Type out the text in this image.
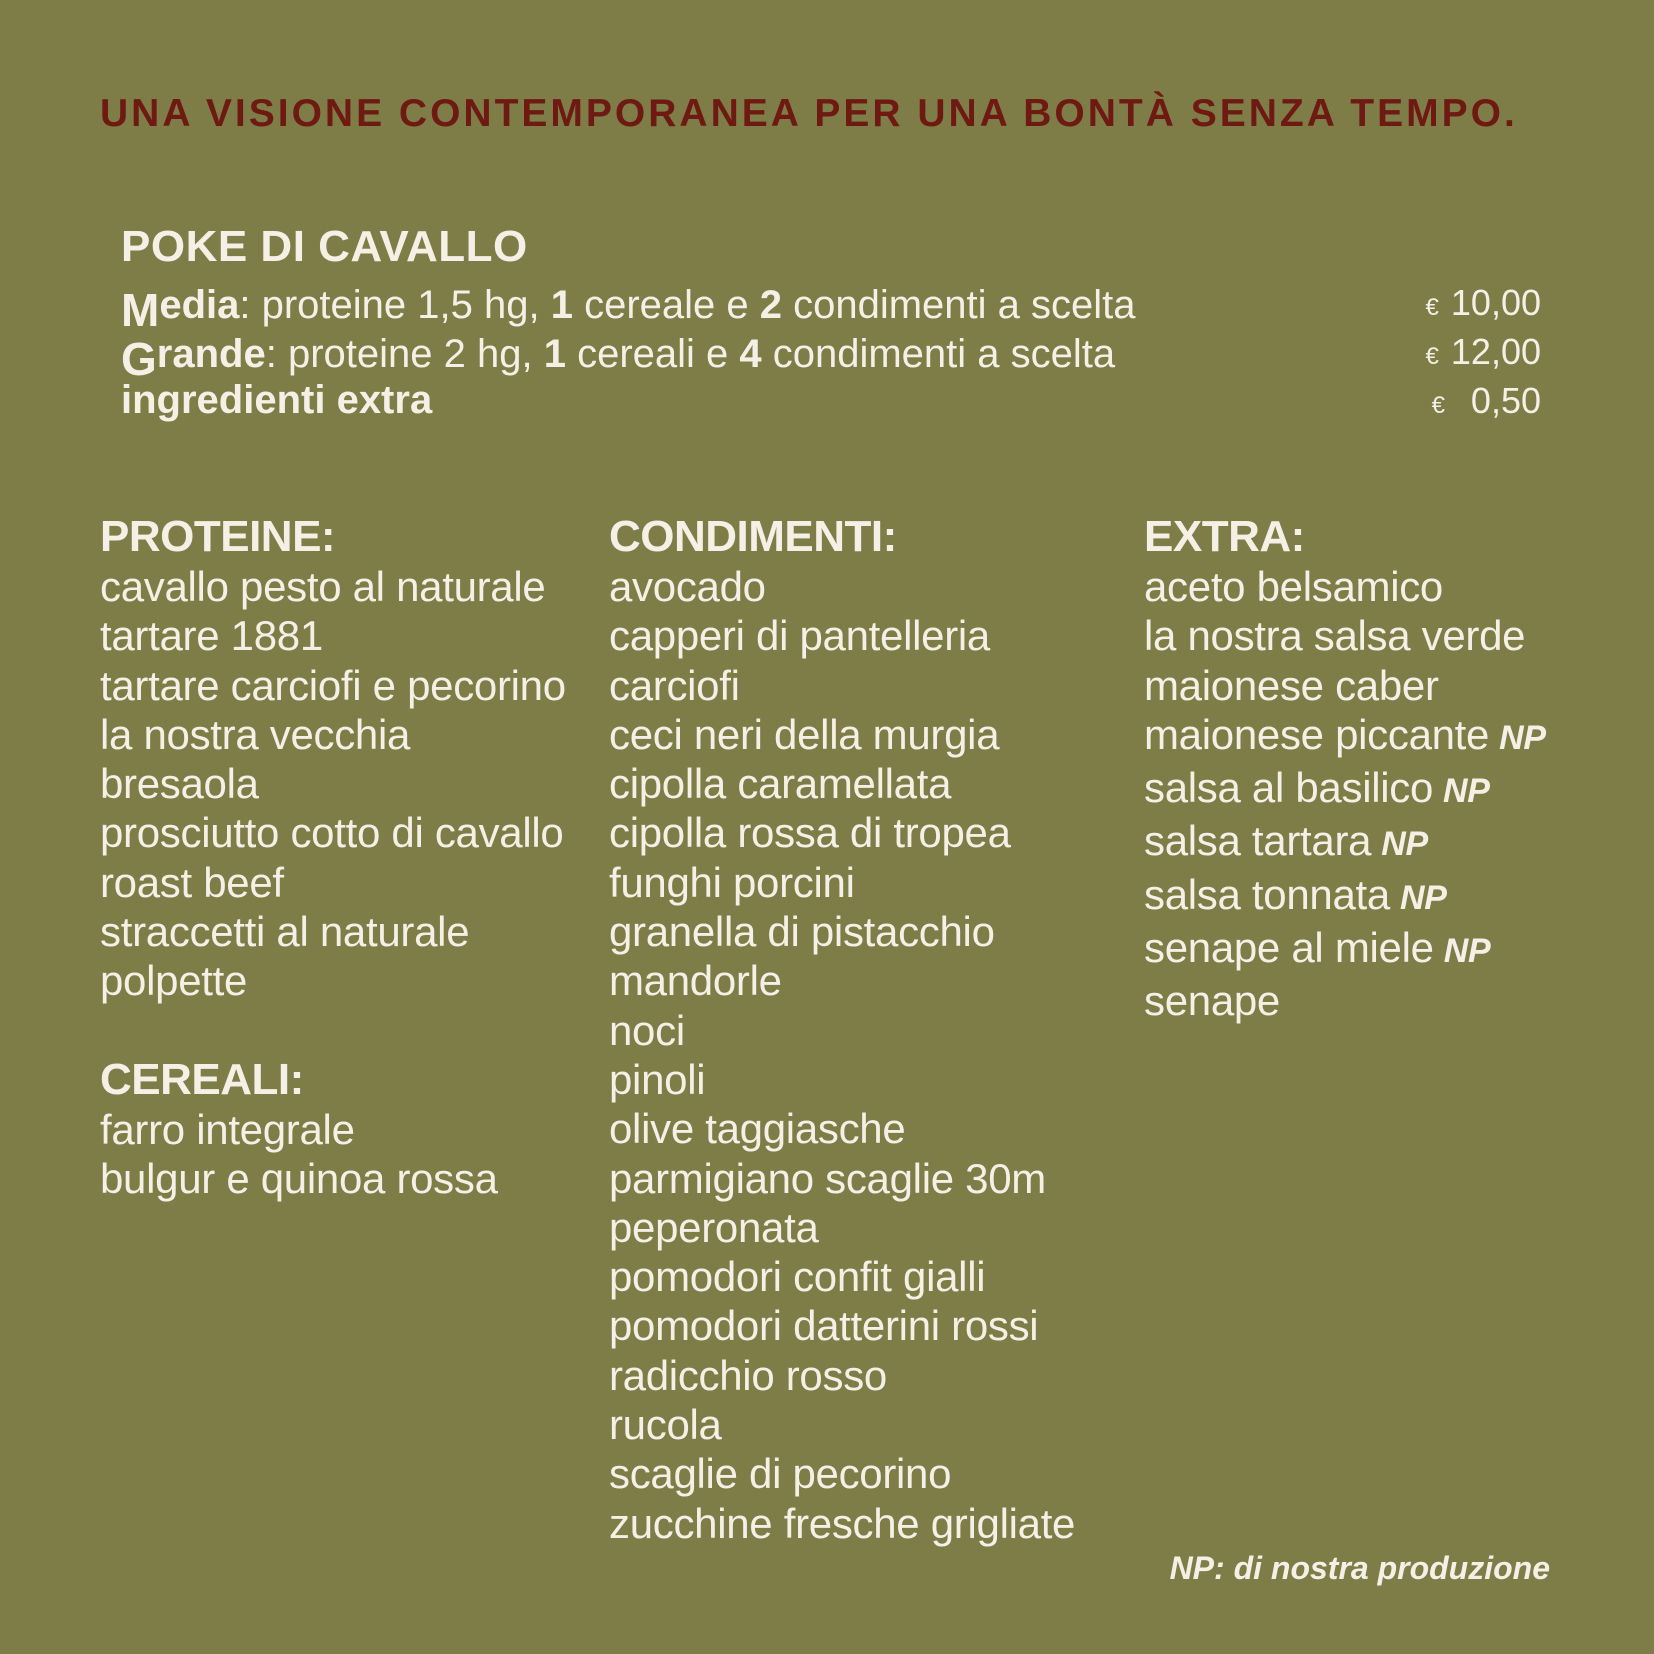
UNA VISIONE CONTEMPORANEA PER UNA BONTÀ SENZA TEMPO.
POKE DI CAVALLO
Media: proteine 1,5 hg, 1 cereale e 2 condimenti a scelta	€ 10,00
Grande: proteine 2 hg, 1 cereali e 4 condimenti a scelta	€ 12,00
ingredienti extra	€ 0,50
PROTEINE:
cavallo pesto al naturale
tartare 1881
tartare carciofi e pecorino
la nostra vecchia
bresaola
prosciutto cotto di cavallo
roast beef
straccetti al naturale
polpette
CEREALI:
farro integrale
bulgur e quinoa rossa
CONDIMENTI:
avocado
capperi di pantelleria
carciofi
ceci neri della murgia
cipolla caramellata
cipolla rossa di tropea
funghi porcini
granella di pistacchio
mandorle
noci
pinoli
olive taggiasche
parmigiano scaglie 30m
peperonata
pomodori confit gialli
pomodori datterini rossi
radicchio rosso
rucola
scaglie di pecorino
zucchine fresche grigliate
EXTRA:
aceto belsamico
la nostra salsa verde
maionese caber
maionese piccante NP
salsa al basilico NP
salsa tartara NP
salsa tonnata NP
senape al miele NP
senape
NP: di nostra produzione
